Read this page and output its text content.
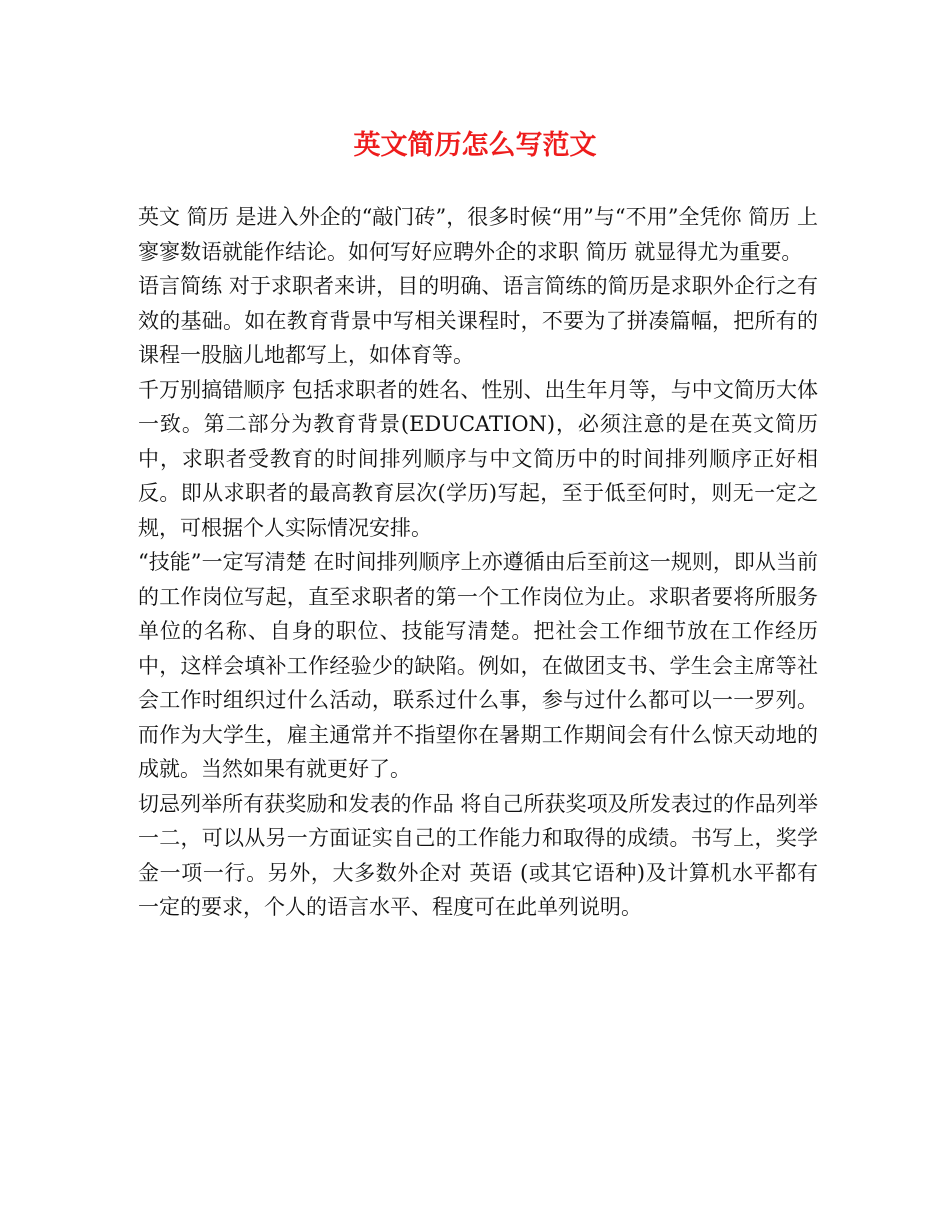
英文简历怎么写范文

英文 简历 是进入外企的“敲门砖”，很多时候“用”与“不用”全凭你 简历 上寥寥数语就能作结论。如何写好应聘外企的求职 简历 就显得尤为重要。

语言简练 对于求职者来讲，目的明确、语言简练的简历是求职外企行之有效的基础。如在教育背景中写相关课程时，不要为了拼凑篇幅，把所有的课程一股脑儿地都写上，如体育等。

千万别搞错顺序 包括求职者的姓名、性别、出生年月等，与中文简历大体一致。第二部分为教育背景(EDUCATION)，必须注意的是在英文简历中，求职者受教育的时间排列顺序与中文简历中的时间排列顺序正好相反。即从求职者的最高教育层次(学历)写起，至于低至何时，则无一定之规，可根据个人实际情况安排。

“技能”一定写清楚 在时间排列顺序上亦遵循由后至前这一规则，即从当前的工作岗位写起，直至求职者的第一个工作岗位为止。求职者要将所服务单位的名称、自身的职位、技能写清楚。把社会工作细节放在工作经历中，这样会填补工作经验少的缺陷。例如，在做团支书、学生会主席等社会工作时组织过什么活动，联系过什么事，参与过什么都可以一一罗列。而作为大学生，雇主通常并不指望你在暑期工作期间会有什么惊天动地的成就。当然如果有就更好了。

切忌列举所有获奖励和发表的作品 将自己所获奖项及所发表过的作品列举一二，可以从另一方面证实自己的工作能力和取得的成绩。书写上，奖学金一项一行。另外，大多数外企对 英语 (或其它语种)及计算机水平都有一定的要求，个人的语言水平、程度可在此单列说明。
